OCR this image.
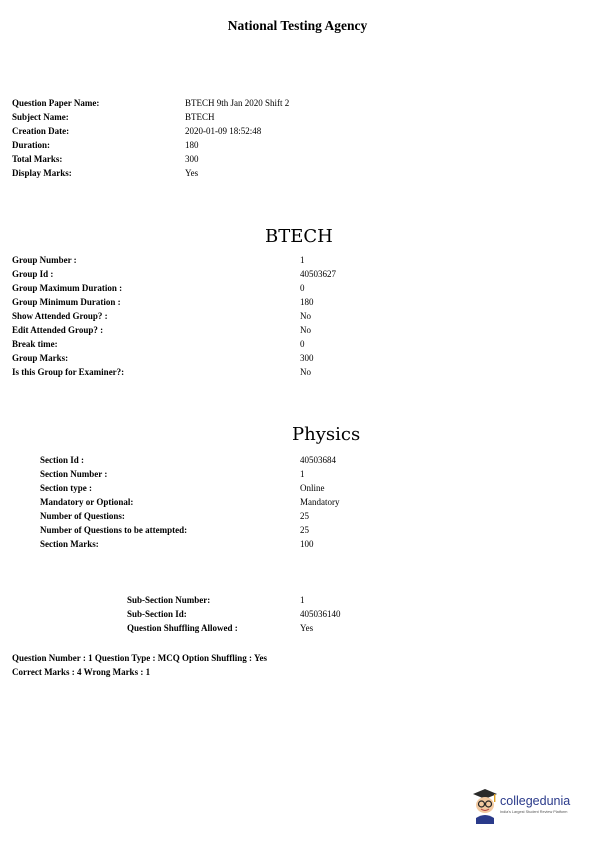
National Testing Agency
Question Paper Name:	BTECH 9th Jan 2020 Shift 2
Subject Name:	BTECH
Creation Date:	2020-01-09 18:52:48
Duration:	180
Total Marks:	300
Display Marks:	Yes
BTECH
Group Number :	1
Group Id :	40503627
Group Maximum Duration :	0
Group Minimum Duration :	180
Show Attended Group? :	No
Edit Attended Group? :	No
Break time:	0
Group Marks:	300
Is this Group for Examiner?:	No
Physics
Section Id :	40503684
Section Number :	1
Section type :	Online
Mandatory or Optional:	Mandatory
Number of Questions:	25
Number of Questions to be attempted:	25
Section Marks:	100
Sub-Section Number:	1
Sub-Section Id:	405036140
Question Shuffling Allowed :	Yes
Question Number : 1 Question Type : MCQ Option Shuffling : Yes
Correct Marks : 4 Wrong Marks : 1
collegedunia
India's Largest Student Review Platform
